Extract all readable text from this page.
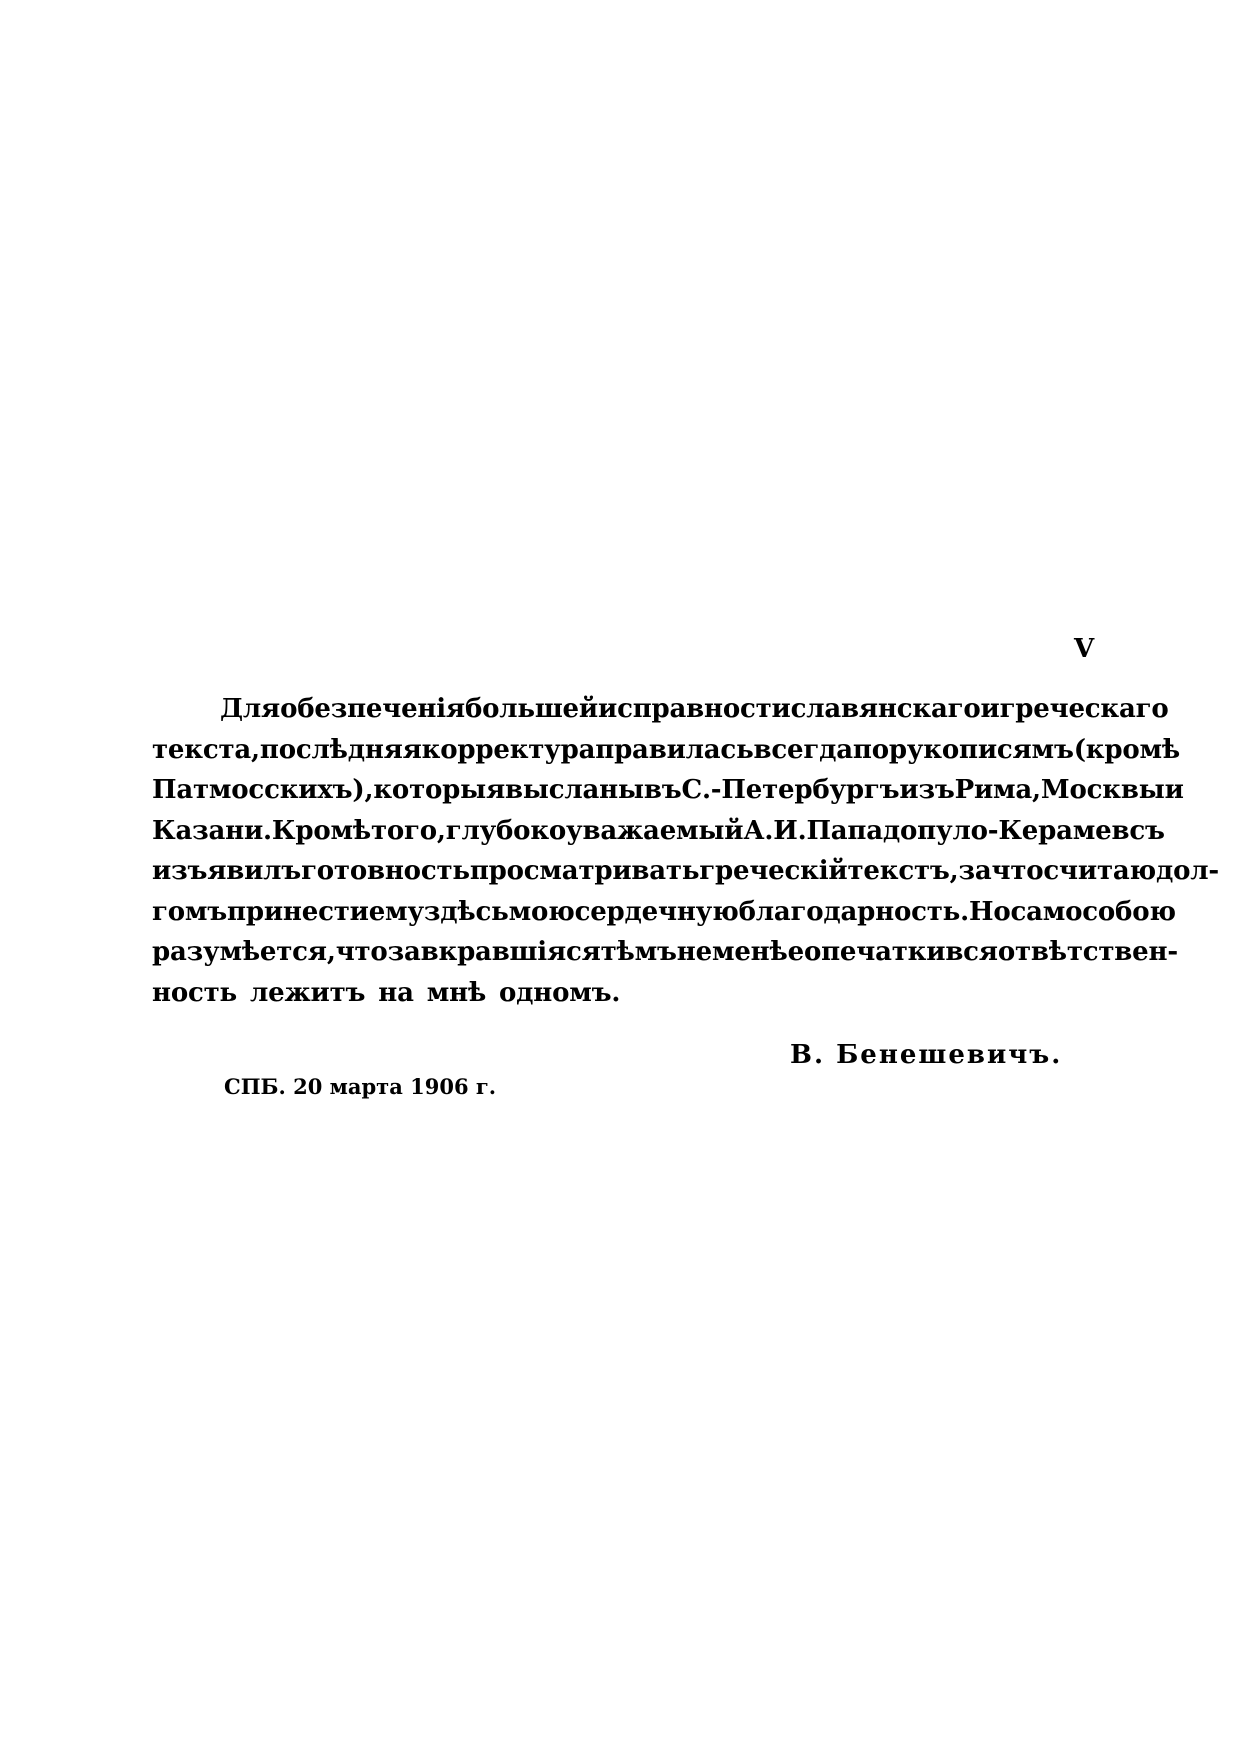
V
Для обезпеченія большей исправности славянскаго и греческаго
текста, послѣдняя корректура правилась всегда по рукописямъ (кромѣ
Патмосскихъ), которыя высланы въ С.-Петербургъ изъ Рима, Москвы и
Казани. Кромѣ того, глубокоуважаемый А. И. Пападопуло-Керамевсъ
изъявилъ готовность просматривать греческій текстъ, за что считаю дол-
гомъ принести ему здѣсь мою сердечную благодарность. Но само собою
разумѣется, что за вкравшіяся тѣмъ не менѣе опечатки вся отвѣтствен-
ность лежитъ на мнѣ одномъ.
В. Бенешевичъ.
СПБ. 20 марта 1906 г.
